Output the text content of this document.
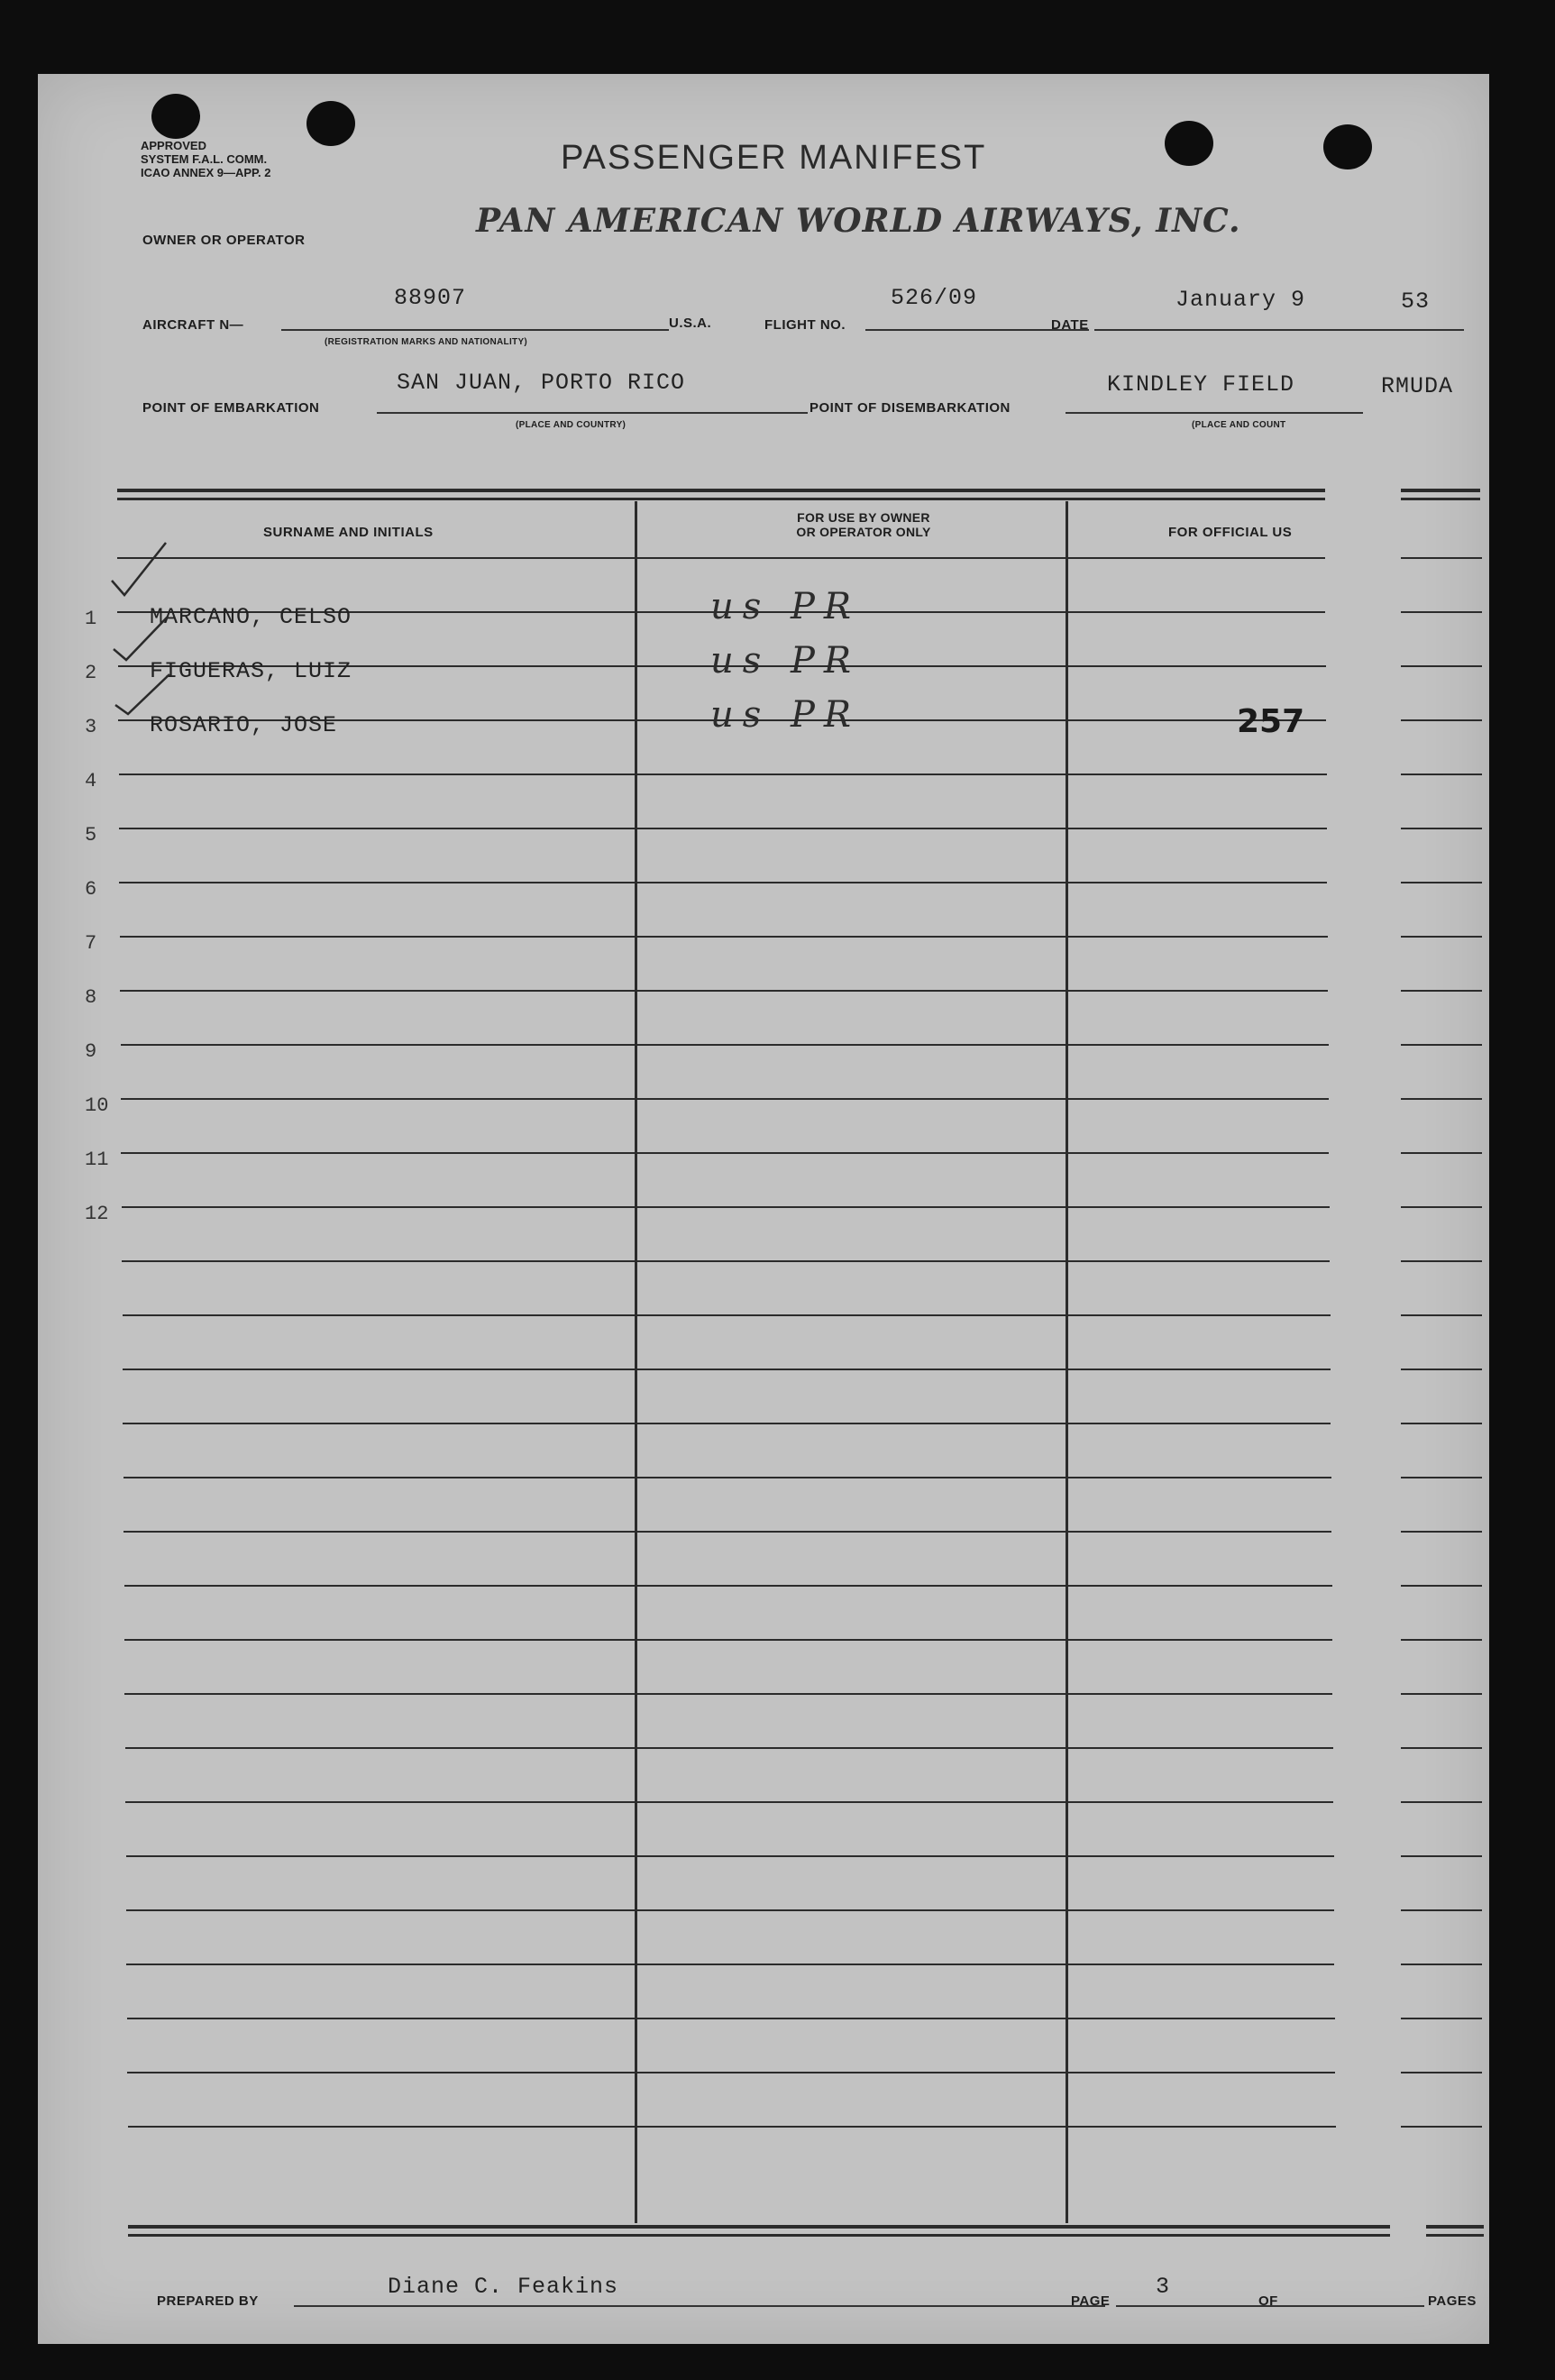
APPROVED
SYSTEM F.A.L. COMM.
ICAO ANNEX 9—APP. 2	PASSENGER MANIFEST
OWNER OR OPERATOR
PAN AMERICAN WORLD AIRWAYS, INC.
AIRCRAFT N—
88907
(REGISTRATION MARKS AND NATIONALITY)
U.S.A.	FLIGHT NO.
526/09
DATE
January 9	53
POINT OF EMBARKATION
SAN JUAN, PORTO RICO
(PLACE AND COUNTRY)
POINT OF DISEMBARKATION
KINDLEY FIELD	RMUDA
(PLACE AND COUNT
SURNAME AND INITIALS
FOR USE BY OWNER
OR OPERATOR ONLY	FOR OFFICIAL US
1 MARCANO, CELSO	us PR
2 FIGUERAS, LUIZ	us PR
3 ROSARIO, JOSE	us PR	257
4
5
6
7
8
9
10
11
12
PREPARED BY
Diane C. Feakins
PAGE
3
OF	PAGES
